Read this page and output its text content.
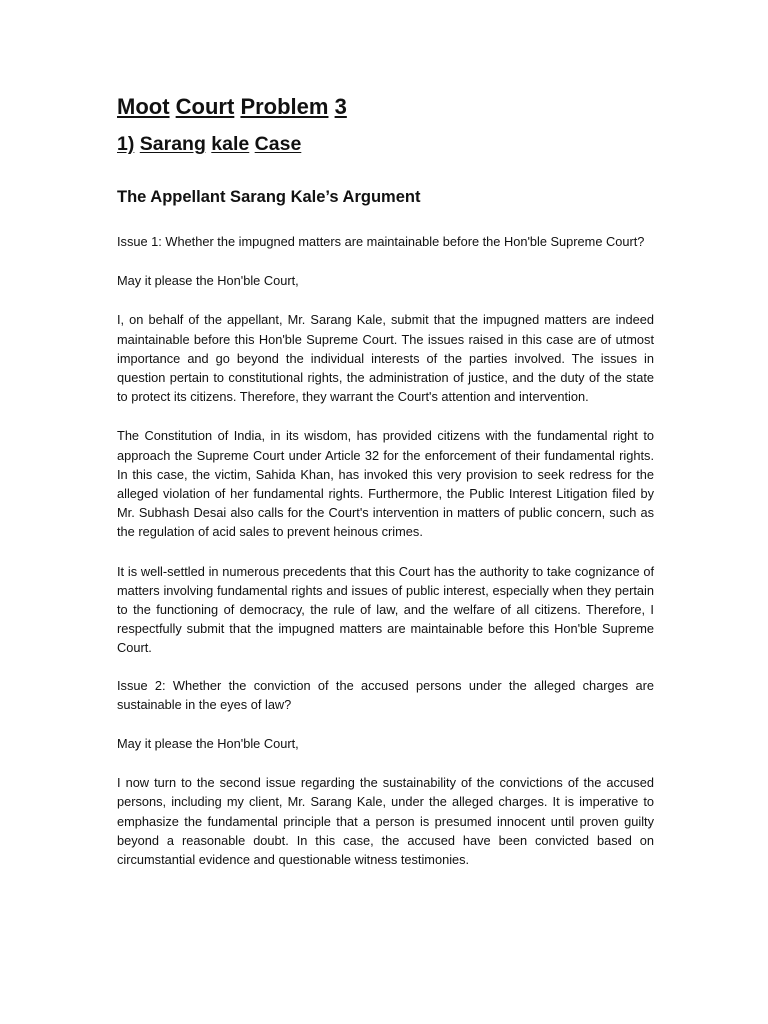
Moot Court Problem 3
1) Sarang kale Case
The Appellant Sarang Kale’s Argument

Issue 1: Whether the impugned matters are maintainable before the Hon'ble Supreme Court?

May it please the Hon'ble Court,

I, on behalf of the appellant, Mr. Sarang Kale, submit that the impugned matters are indeed maintainable before this Hon'ble Supreme Court. The issues raised in this case are of utmost importance and go beyond the individual interests of the parties involved. The issues in question pertain to constitutional rights, the administration of justice, and the duty of the state to protect its citizens. Therefore, they warrant the Court's attention and intervention.

The Constitution of India, in its wisdom, has provided citizens with the fundamental right to approach the Supreme Court under Article 32 for the enforcement of their fundamental rights. In this case, the victim, Sahida Khan, has invoked this very provision to seek redress for the alleged violation of her fundamental rights. Furthermore, the Public Interest Litigation filed by Mr. Subhash Desai also calls for the Court's intervention in matters of public concern, such as the regulation of acid sales to prevent heinous crimes.

It is well-settled in numerous precedents that this Court has the authority to take cognizance of matters involving fundamental rights and issues of public interest, especially when they pertain to the functioning of democracy, the rule of law, and the welfare of all citizens. Therefore, I respectfully submit that the impugned matters are maintainable before this Hon'ble Supreme Court.

Issue 2: Whether the conviction of the accused persons under the alleged charges are sustainable in the eyes of law?

May it please the Hon'ble Court,

I now turn to the second issue regarding the sustainability of the convictions of the accused persons, including my client, Mr. Sarang Kale, under the alleged charges. It is imperative to emphasize the fundamental principle that a person is presumed innocent until proven guilty beyond a reasonable doubt. In this case, the accused have been convicted based on circumstantial evidence and questionable witness testimonies.
